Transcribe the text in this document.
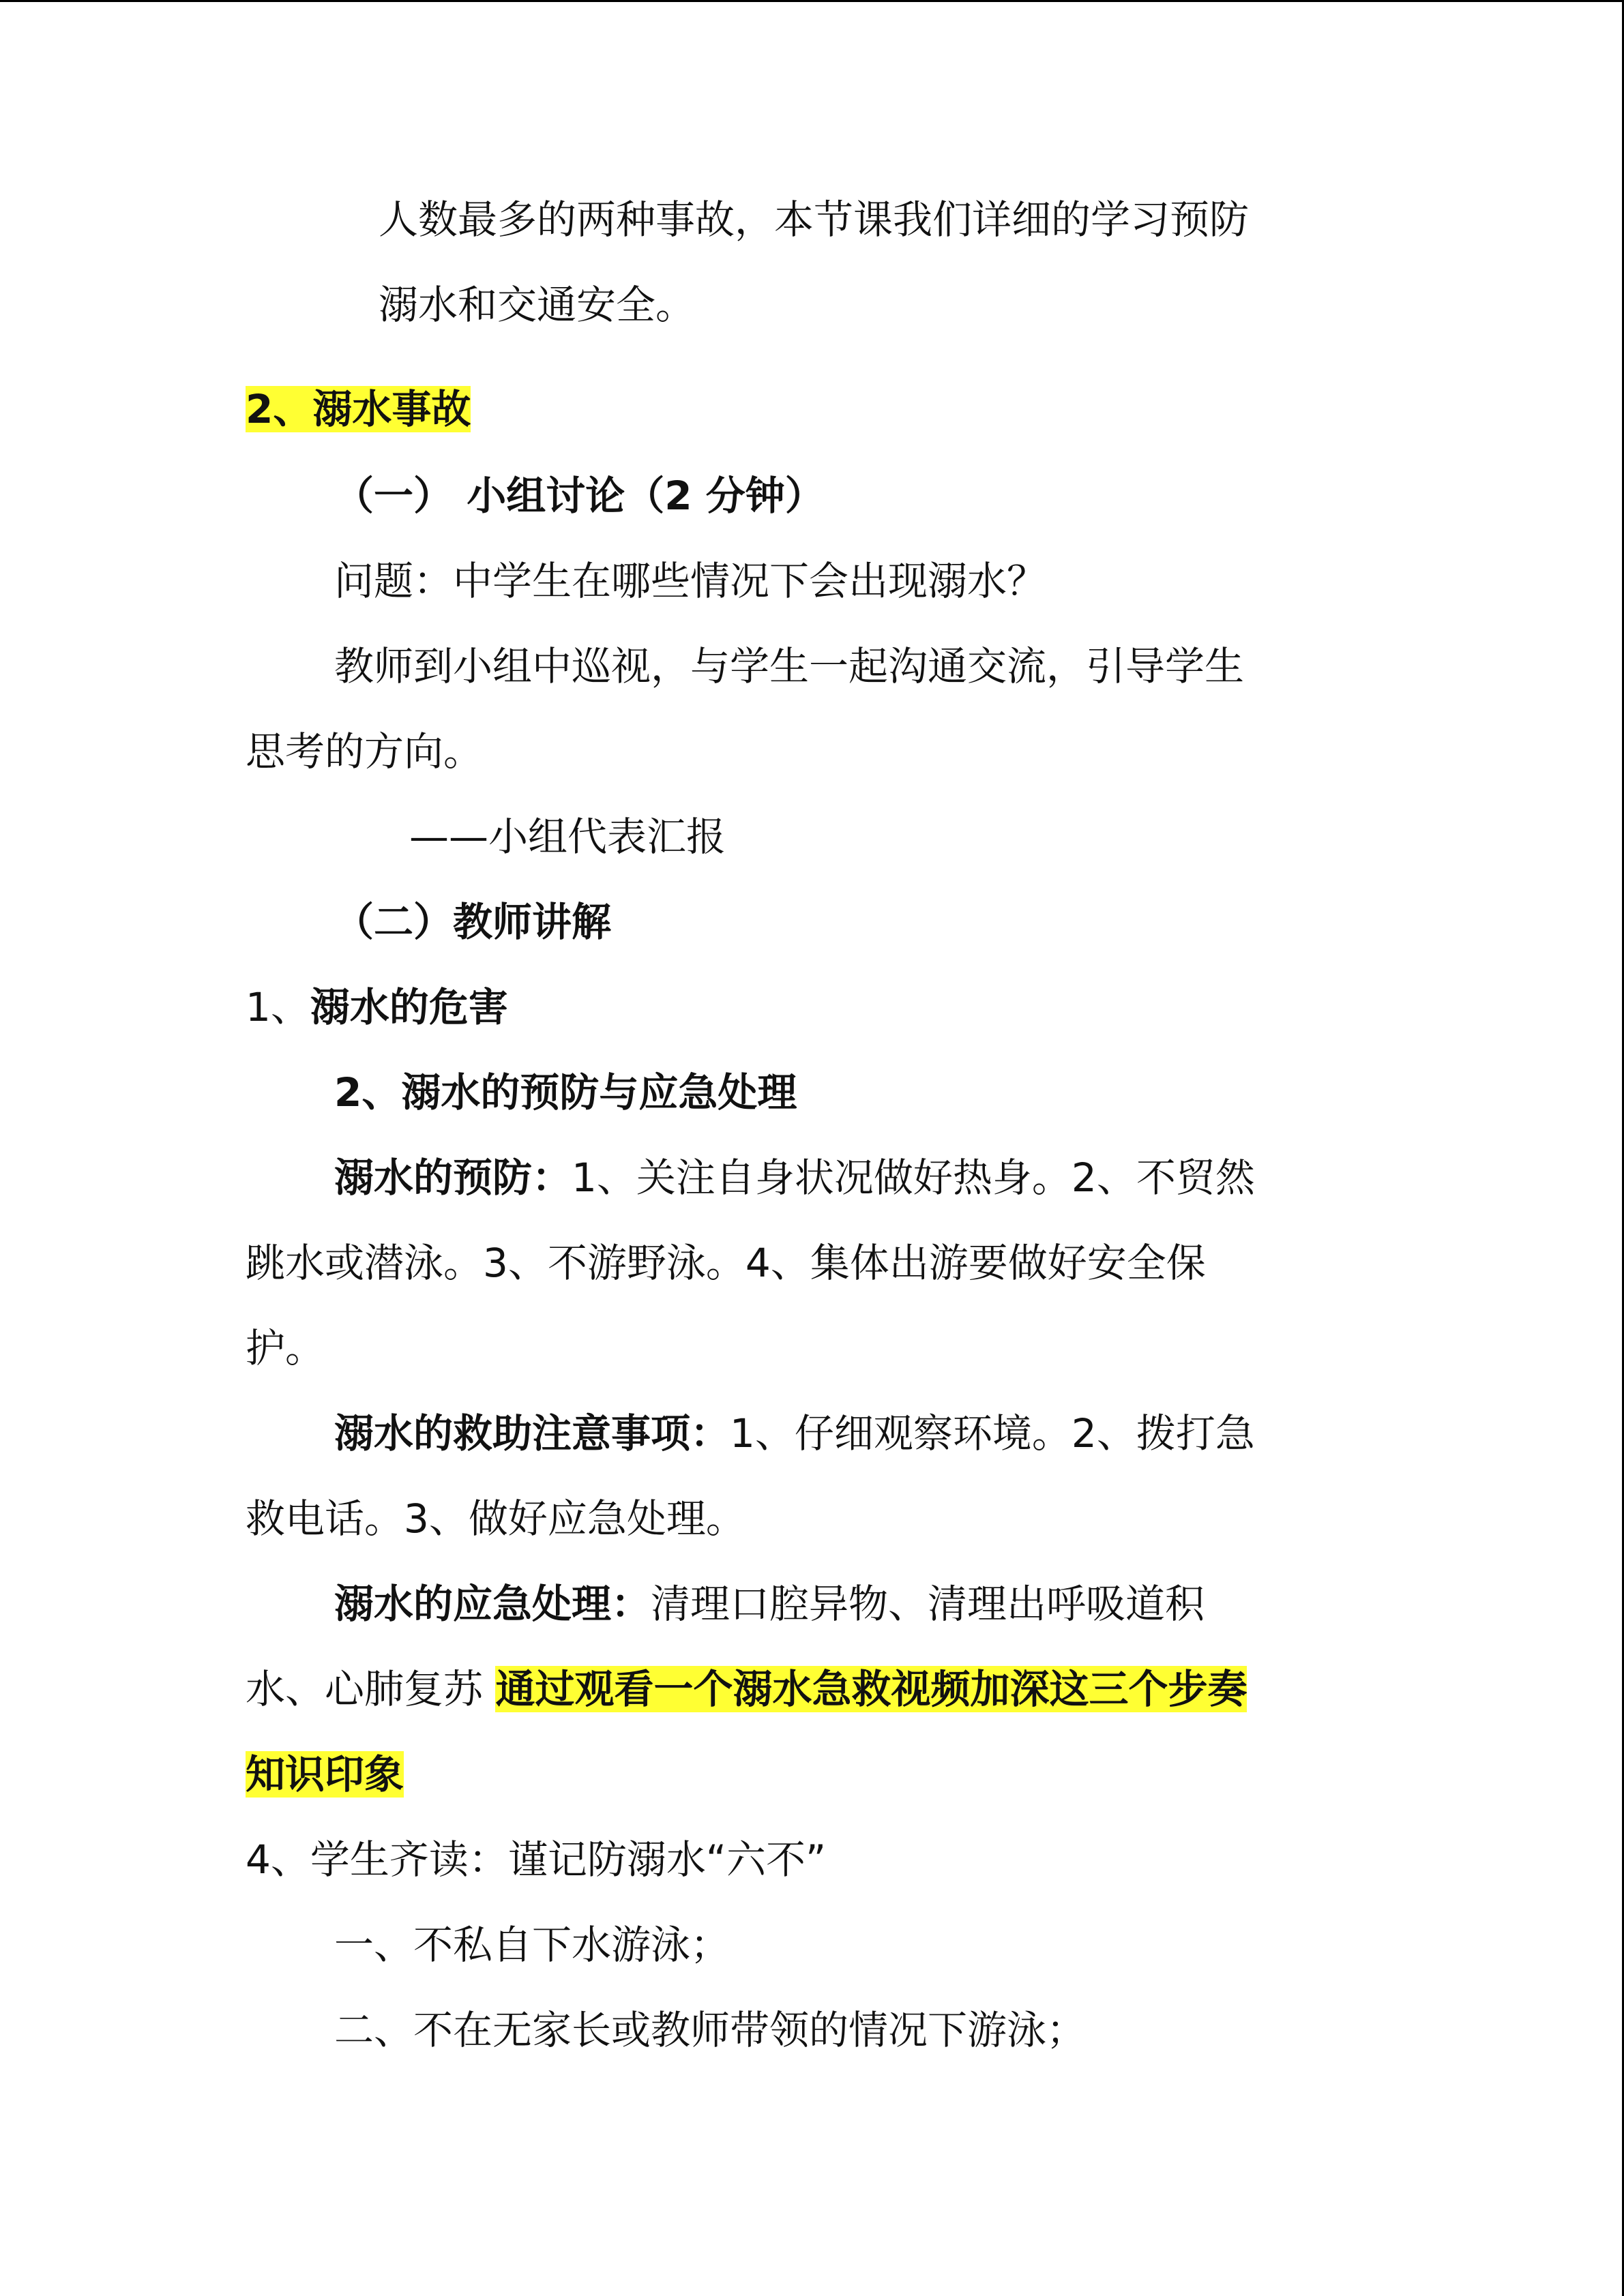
人数最多的两种事故，本节课我们详细的学习预防
溺水和交通安全。
2、溺水事故
（一） 小组讨论（2 分钟）
问题：中学生在哪些情况下会出现溺水？
教师到小组中巡视，与学生一起沟通交流，引导学生
思考的方向。
——小组代表汇报
（二）教师讲解
1、溺水的危害
2、溺水的预防与应急处理
溺水的预防：1、关注自身状况做好热身。2、不贸然
跳水或潜泳。3、不游野泳。4、集体出游要做好安全保
护。
溺水的救助注意事项：1、仔细观察环境。2、拨打急
救电话。3、做好应急处理。
溺水的应急处理：清理口腔异物、清理出呼吸道积
水、心肺复苏 通过观看一个溺水急救视频加深这三个步奏
知识印象
4、学生齐读：谨记防溺水“六不”
一、不私自下水游泳；
二、不在无家长或教师带领的情况下游泳；
